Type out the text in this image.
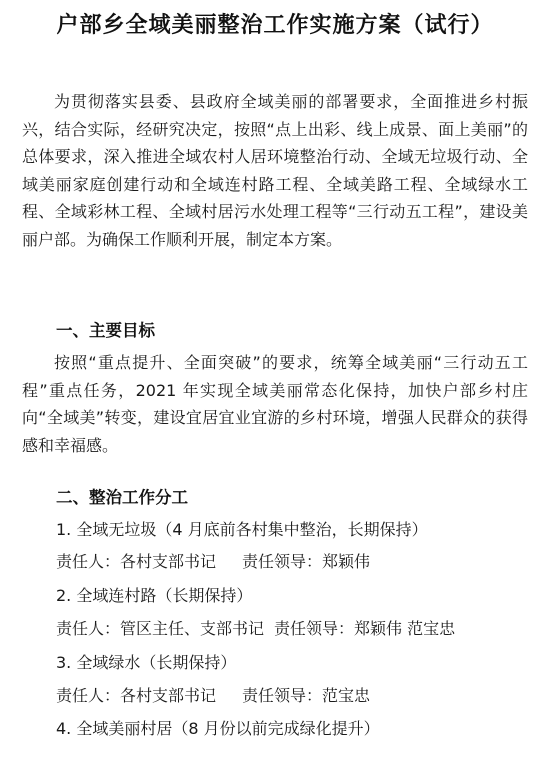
户部乡全域美丽整治工作实施方案（试行）
为贯彻落实县委、县政府全域美丽的部署要求，全面推进乡村振兴，结合实际，经研究决定，按照“点上出彩、线上成景、面上美丽”的总体要求，深入推进全域农村人居环境整治行动、全域无垃圾行动、全域美丽家庭创建行动和全域连村路工程、全域美路工程、全域绿水工程、全域彩林工程、全域村居污水处理工程等“三行动五工程”，建设美丽户部。为确保工作顺利开展，制定本方案。
一、主要目标
按照“重点提升、全面突破”的要求，统筹全域美丽“三行动五工程”重点任务，2021 年实现全域美丽常态化保持，加快户部乡村庄向“全域美”转变，建设宜居宜业宜游的乡村环境，增强人民群众的获得感和幸福感。
二、整治工作分工
1. 全域无垃圾（4 月底前各村集中整治，长期保持）
责任人：各村支部书记 责任领导：郑颖伟
2. 全域连村路（长期保持）
责任人：管区主任、支部书记 责任领导：郑颖伟 范宝忠
3. 全域绿水（长期保持）
责任人：各村支部书记 责任领导：范宝忠
4. 全域美丽村居（8 月份以前完成绿化提升）
